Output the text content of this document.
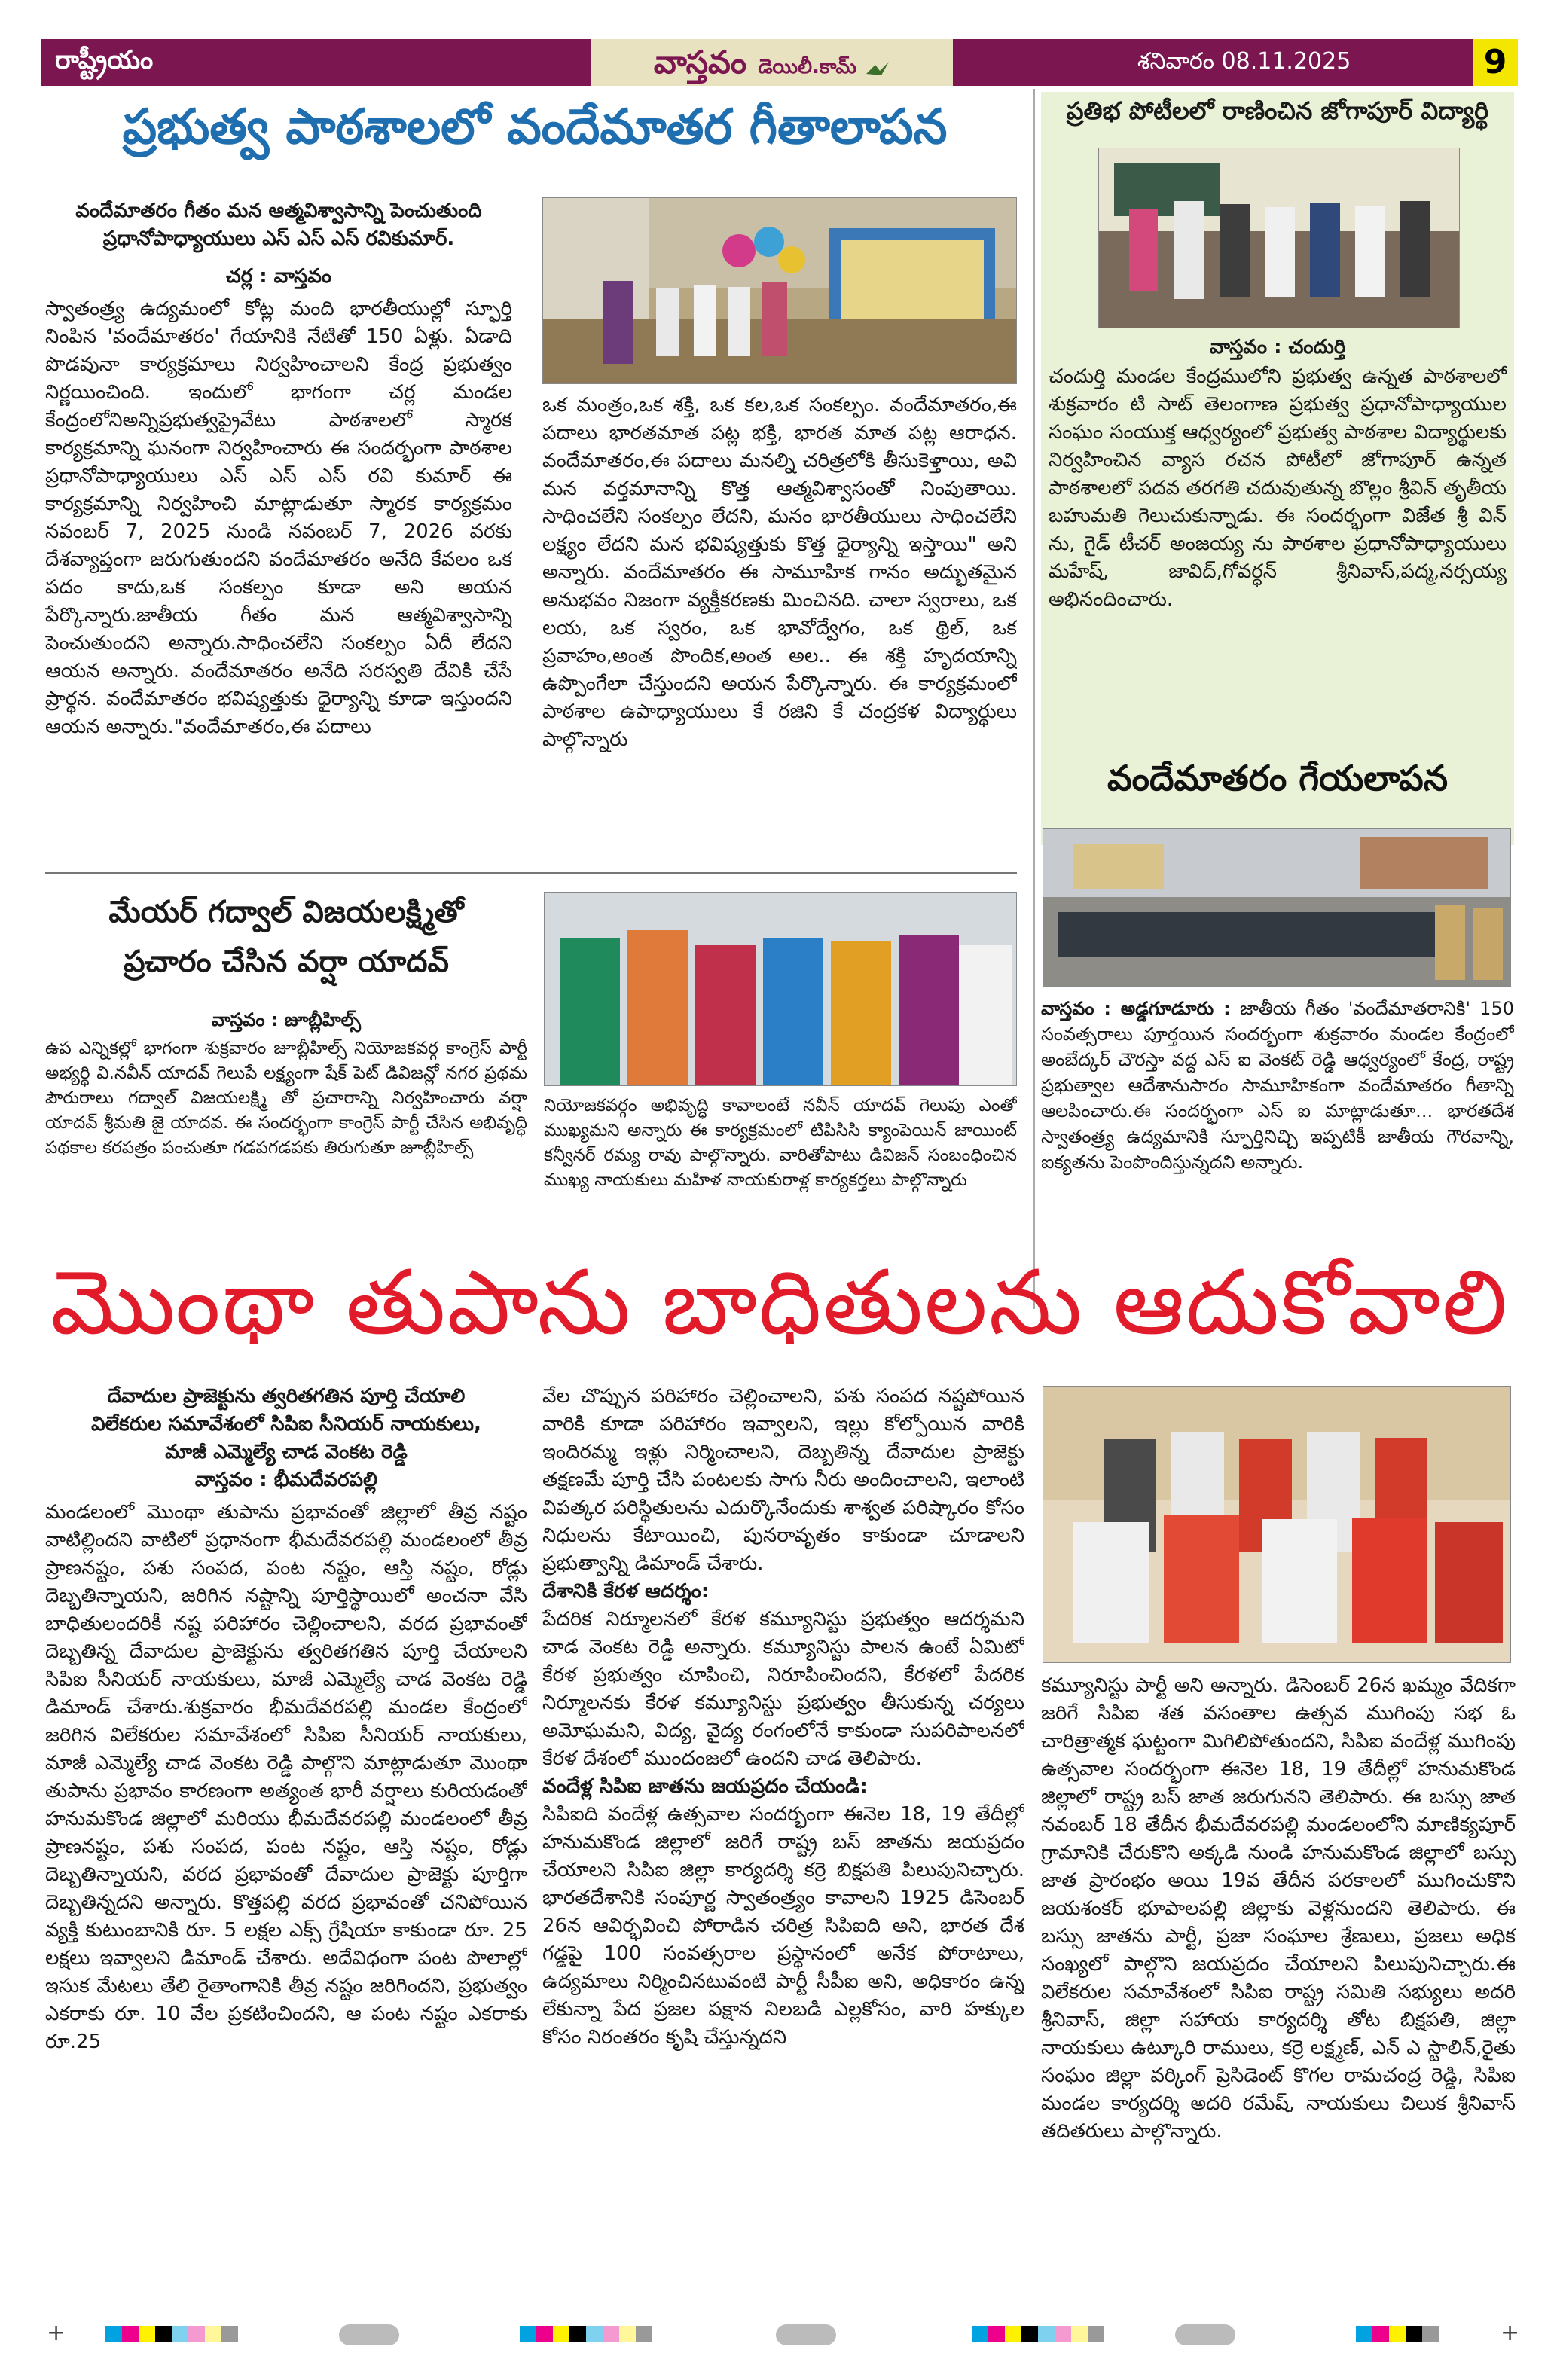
రాష్ట్రీయం	వాస్తవం డెయిలీ.కామ్	శనివారం 08.11.2025	9
ప్రభుత్వ పాఠశాలలో వందేమాతర గీతాలాపన
వందేమాతరం గీతం మన ఆత్మవిశ్వాసాన్ని పెంచుతుంది ప్రధానోపాధ్యాయులు ఎస్ ఎస్ ఎస్ రవికుమార్.
చర్ల : వాస్తవం
స్వాతంత్ర్య ఉద్యమంలో కోట్ల మంది భారతీయుల్లో స్ఫూర్తి నింపిన 'వందేమాతరం' గేయానికి నేటితో 150 ఏళ్లు. ఏడాది పొడవునా కార్యక్రమాలు నిర్వహించాలని కేంద్ర ప్రభుత్వం నిర్ణయించింది. ఇందులో భాగంగా చర్ల మండల కేంద్రంలోనిఅన్నిప్రభుత్వప్రైవేటు పాఠశాలలో స్మారక కార్యక్రమాన్ని ఘనంగా నిర్వహించారు ఈ సందర్భంగా పాఠశాల ప్రధానోపాధ్యాయులు ఎస్ ఎస్ ఎస్ రవి కుమార్ ఈ కార్యక్రమాన్ని నిర్వహించి మాట్లాడుతూ స్మారక కార్యక్రమం నవంబర్ 7, 2025 నుండి నవంబర్ 7, 2026 వరకు దేశవ్యాప్తంగా జరుగుతుందని వందేమాతరం అనేది కేవలం ఒక పదం కాదు,ఒక సంకల్పం కూడా అని అయన పేర్కొన్నారు.జాతీయ గీతం మన ఆత్మవిశ్వాసాన్ని పెంచుతుందని అన్నారు.సాధించలేని సంకల్పం ఏదీ లేదని ఆయన అన్నారు. వందేమాతరం అనేది సరస్వతి దేవికి చేసే ప్రార్థన. వందేమాతరం భవిష్యత్తుకు ధైర్యాన్ని కూడా ఇస్తుందని ఆయన అన్నారు."వందేమాతరం,ఈ పదాలు
ఒక మంత్రం,ఒక శక్తి, ఒక కల,ఒక సంకల్పం. వందేమాతరం,ఈ పదాలు భారతమాత పట్ల భక్తి, భారత మాత పట్ల ఆరాధన. వందేమాతరం,ఈ పదాలు మనల్ని చరిత్రలోకి తీసుకెళ్తాయి, అవి మన వర్తమానాన్ని కొత్త ఆత్మవిశ్వాసంతో నింపుతాయి. సాధించలేని సంకల్పం లేదని, మనం భారతీయులు సాధించలేని లక్ష్యం లేదని మన భవిష్యత్తుకు కొత్త ధైర్యాన్ని ఇస్తాయి" అని అన్నారు. వందేమాతరం ఈ సామూహిక గానం అద్భుతమైన అనుభవం నిజంగా వ్యక్తీకరణకు మించినది. చాలా స్వరాలు, ఒక లయ, ఒక స్వరం, ఒక భావోద్వేగం, ఒక థ్రిల్, ఒక ప్రవాహం,అంత పొందిక,అంత అల.. ఈ శక్తి హృదయాన్ని ఉప్పొంగేలా చేస్తుందని అయన పేర్కొన్నారు. ఈ కార్యక్రమంలో పాఠశాల ఉపాధ్యాయులు కే రజిని కే చంద్రకళ విద్యార్థులు పాల్గొన్నారు
ప్రతిభ పోటీలలో రాణించిన జోగాపూర్ విద్యార్థి
వాస్తవం : చందుర్తి
చందుర్తి మండల కేంద్రములోని ప్రభుత్వ ఉన్నత పాఠశాలలో శుక్రవారం టి సాట్ తెలంగాణ ప్రభుత్వ ప్రధానోపాధ్యాయుల సంఘం సంయుక్త ఆధ్వర్యంలో ప్రభుత్వ పాఠశాల విద్యార్థులకు నిర్వహించిన వ్యాస రచన పోటీలో జోగాపూర్ ఉన్నత పాఠశాలలో పదవ తరగతి చదువుతున్న బొల్లం శ్రీవిన్ తృతీయ బహుమతి గెలుచుకున్నాడు. ఈ సందర్భంగా విజేత శ్రీ విన్ ను, గైడ్ టీచర్ అంజయ్య ను పాఠశాల ప్రధానోపాధ్యాయులు మహేష్, జావిద్,గోవర్ధన్ శ్రీనివాస్,పద్మ,నర్సయ్య అభినందించారు.
వందేమాతరం గేయలాపన
వాస్తవం : అడ్డగూడూరు : జాతీయ గీతం 'వందేమాతరానికి' 150 సంవత్సరాలు పూర్తయిన సందర్భంగా శుక్రవారం మండల కేంద్రంలో అంబేద్కర్ చౌరస్తా వద్ద ఎస్ ఐ వెంకట్ రెడ్డి ఆధ్వర్యంలో కేంద్ర, రాష్ట్ర ప్రభుత్వాల ఆదేశానుసారం సామూహికంగా వందేమాతరం గీతాన్ని ఆలపించారు.ఈ సందర్భంగా ఎస్ ఐ మాట్లాడుతూ... భారతదేశ స్వాతంత్ర్య ఉద్యమానికి స్ఫూర్తినిచ్చి ఇప్పటికీ జాతీయ గౌరవాన్ని, ఐక్యతను పెంపొందిస్తున్నదని అన్నారు.
మేయర్ గద్వాల్ విజయలక్ష్మితో
ప్రచారం చేసిన వర్షా యాదవ్
వాస్తవం : జూబ్లీహిల్స్
ఉప ఎన్నికల్లో భాగంగా శుక్రవారం జూబ్లీహిల్స్ నియోజకవర్గ కాంగ్రెస్ పార్టీ అభ్యర్థి వి.నవీన్ యాదవ్ గెలుపే లక్ష్యంగా షేక్ పెట్ డివిజన్లో నగర ప్రథమ పౌరురాలు గద్వాల్ విజయలక్ష్మి తో ప్రచారాన్ని నిర్వహించారు వర్షా యాదవ్ శ్రీమతి జై యాదవ. ఈ సందర్భంగా కాంగ్రెస్ పార్టీ చేసిన అభివృద్ధి పథకాల కరపత్రం పంచుతూ గడపగడపకు తిరుగుతూ జూబ్లీహిల్స్
నియోజకవర్గం అభివృద్ధి కావాలంటే నవీన్ యాదవ్ గెలుపు ఎంతో ముఖ్యమని అన్నారు ఈ కార్యక్రమంలో టిపిసిసి క్యాంపెయిన్ జాయింట్ కన్వీనర్ రమ్య రావు పాల్గొన్నారు. వారితోపాటు డివిజన్ సంబంధించిన ముఖ్య నాయకులు మహిళ నాయకురాళ్ల కార్యకర్తలు పాల్గొన్నారు
మొంథా తుపాను బాధితులను ఆదుకోవాలి
దేవాదుల ప్రాజెక్టును త్వరితగతిన పూర్తి చేయాలి
విలేకరుల సమావేశంలో సిపిఐ సీనియర్ నాయకులు,
మాజీ ఎమ్మెల్యే చాడ వెంకట రెడ్డి
వాస్తవం : భీమదేవరపల్లి
మండలంలో మొంథా తుపాను ప్రభావంతో జిల్లాలో తీవ్ర నష్టం వాటిల్లిందని వాటిలో ప్రధానంగా భీమదేవరపల్లి మండలంలో తీవ్ర ప్రాణనష్టం, పశు సంపద, పంట నష్టం, ఆస్తి నష్టం, రోడ్లు దెబ్బతిన్నాయని, జరిగిన నష్టాన్ని పూర్తిస్థాయిలో అంచనా వేసి బాధితులందరికీ నష్ట పరిహారం చెల్లించాలని, వరద ప్రభావంతో దెబ్బతిన్న దేవాదుల ప్రాజెక్టును త్వరితగతిన పూర్తి చేయాలని సిపిఐ సీనియర్ నాయకులు, మాజీ ఎమ్మెల్యే చాడ వెంకట రెడ్డి డిమాండ్ చేశారు.శుక్రవారం భీమదేవరపల్లి మండల కేంద్రంలో జరిగిన విలేకరుల సమావేశంలో సిపిఐ సీనియర్ నాయకులు, మాజీ ఎమ్మెల్యే చాడ వెంకట రెడ్డి పాల్గొని మాట్లాడుతూ మొంథా తుపాను ప్రభావం కారణంగా అత్యంత భారీ వర్షాలు కురియడంతో హనుమకొండ జిల్లాలో మరియు భీమదేవరపల్లి మండలంలో తీవ్ర ప్రాణనష్టం, పశు సంపద, పంట నష్టం, ఆస్తి నష్టం, రోడ్లు దెబ్బతిన్నాయని, వరద ప్రభావంతో దేవాదుల ప్రాజెక్టు పూర్తిగా దెబ్బతిన్నదని అన్నారు. కొత్తపల్లి వరద ప్రభావంతో చనిపోయిన వ్యక్తి కుటుంబానికి రూ. 5 లక్షల ఎక్స్ గ్రేషియా కాకుండా రూ. 25 లక్షలు ఇవ్వాలని డిమాండ్ చేశారు. అదేవిధంగా పంట పొలాల్లో ఇసుక మేటలు తేలి రైతాంగానికి తీవ్ర నష్టం జరిగిందని, ప్రభుత్వం ఎకరాకు రూ. 10 వేల ప్రకటించిందని, ఆ పంట నష్టం ఎకరాకు రూ.25
వేల చొప్పున పరిహారం చెల్లించాలని, పశు సంపద నష్టపోయిన వారికి కూడా పరిహారం ఇవ్వాలని, ఇల్లు కోల్పోయిన వారికి ఇందిరమ్మ ఇళ్లు నిర్మించాలని, దెబ్బతిన్న దేవాదుల ప్రాజెక్టు తక్షణమే పూర్తి చేసి పంటలకు సాగు నీరు అందించాలని, ఇలాంటి విపత్కర పరిస్థితులను ఎదుర్కొనేందుకు శాశ్వత పరిష్కారం కోసం నిధులను కేటాయించి, పునరావృతం కాకుండా చూడాలని ప్రభుత్వాన్ని డిమాండ్ చేశారు.
దేశానికి కేరళ ఆదర్శం:
పేదరిక నిర్మూలనలో కేరళ కమ్యూనిస్టు ప్రభుత్వం ఆదర్శమని చాడ వెంకట రెడ్డి అన్నారు. కమ్యూనిస్టు పాలన ఉంటే ఏమిటో కేరళ ప్రభుత్వం చూపించి, నిరూపించిందని, కేరళలో పేదరిక నిర్మూలనకు కేరళ కమ్యూనిస్టు ప్రభుత్వం తీసుకున్న చర్యలు అమోఘమని, విద్య, వైద్య రంగంలోనే కాకుండా సుపరిపాలనలో కేరళ దేశంలో ముందంజలో ఉందని చాడ తెలిపారు.
వందేళ్ల సిపిఐ జాతను జయప్రదం చేయండి:
సిపిఐది వందేళ్ల ఉత్సవాల సందర్భంగా ఈనెల 18, 19 తేదీల్లో హనుమకొండ జిల్లాలో జరిగే రాష్ట్ర బస్ జాతను జయప్రదం చేయాలని సిపిఐ జిల్లా కార్యదర్శి కర్రె బిక్షపతి పిలుపునిచ్చారు. భారతదేశానికి సంపూర్ణ స్వాతంత్ర్యం కావాలని 1925 డిసెంబర్ 26న ఆవిర్భవించి పోరాడిన చరిత్ర సిపిఐది అని, భారత దేశ గడ్డపై 100 సంవత్సరాల ప్రస్థానంలో అనేక పోరాటాలు, ఉద్యమాలు నిర్మించినటువంటి పార్టీ సీపీఐ అని, అధికారం ఉన్న లేకున్నా పేద ప్రజల పక్షాన నిలబడి ఎల్లకోసం, వారి హక్కుల కోసం నిరంతరం కృషి చేస్తున్నదని
కమ్యూనిస్టు పార్టీ అని అన్నారు. డిసెంబర్ 26న ఖమ్మం వేదికగా జరిగే సిపిఐ శత వసంతాల ఉత్సవ ముగింపు సభ ఓ చారిత్రాత్మక ఘట్టంగా మిగిలిపోతుందని, సిపిఐ వందేళ్ల ముగింపు ఉత్సవాల సందర్భంగా ఈనెల 18, 19 తేదీల్లో హనుమకొండ జిల్లాలో రాష్ట్ర బస్ జాత జరుగునని తెలిపారు. ఈ బస్సు జాత నవంబర్ 18 తేదీన భీమదేవరపల్లి మండలంలోని మాణిక్యపూర్ గ్రామానికి చేరుకొని అక్కడి నుండి హనుమకొండ జిల్లాలో బస్సు జాత ప్రారంభం అయి 19వ తేదీన పరకాలలో ముగించుకొని జయశంకర్ భూపాలపల్లి జిల్లాకు వెళ్లనుందని తెలిపారు. ఈ బస్సు జాతను పార్టీ, ప్రజా సంఘాల శ్రేణులు, ప్రజలు అధిక సంఖ్యలో పాల్గొని జయప్రదం చేయాలని పిలుపునిచ్చారు.ఈ విలేకరుల సమావేశంలో సిపిఐ రాష్ట్ర సమితి సభ్యులు అదరి శ్రీనివాస్, జిల్లా సహాయ కార్యదర్శి తోట బిక్షపతి, జిల్లా నాయకులు ఉట్కూరి రాములు, కర్రె లక్ష్మణ్, ఎన్ ఎ స్టాలిన్,రైతు సంఘం జిల్లా వర్కింగ్ ప్రెసిడెంట్ కొగల రామచంద్ర రెడ్డి, సిపిఐ మండల కార్యదర్శి అదరి రమేష్, నాయకులు చిలుక శ్రీనివాస్ తదితరులు పాల్గొన్నారు.
+	+
